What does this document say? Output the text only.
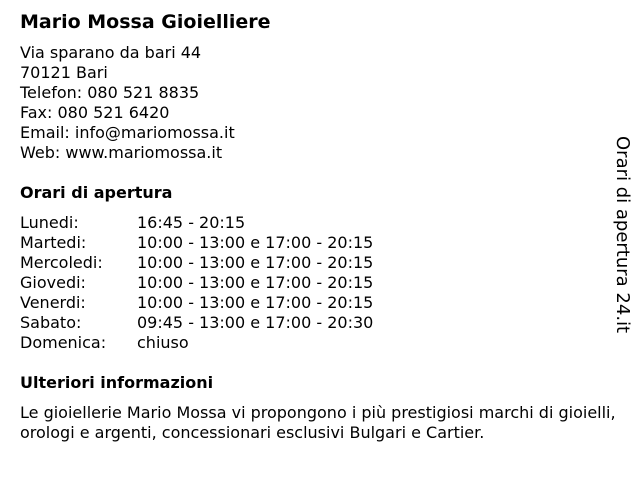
Mario Mossa Gioielliere
Via sparano da bari 44
70121 Bari
Telefon: 080 521 8835
Fax: 080 521 6420
Email: info@mariomossa.it
Web: www.mariomossa.it
Orari di apertura
Lunedi:	16:45 - 20:15
Martedi:	10:00 - 13:00 e 17:00 - 20:15
Mercoledi:	10:00 - 13:00 e 17:00 - 20:15
Giovedi:	10:00 - 13:00 e 17:00 - 20:15
Venerdi:	10:00 - 13:00 e 17:00 - 20:15
Sabato:	09:45 - 13:00 e 17:00 - 20:30
Domenica:	chiuso
Ulteriori informazioni
Le gioiellerie Mario Mossa vi propongono i più prestigiosi marchi di gioielli, orologi e argenti, concessionari esclusivi Bulgari e Cartier.
Orari di apertura 24.it
